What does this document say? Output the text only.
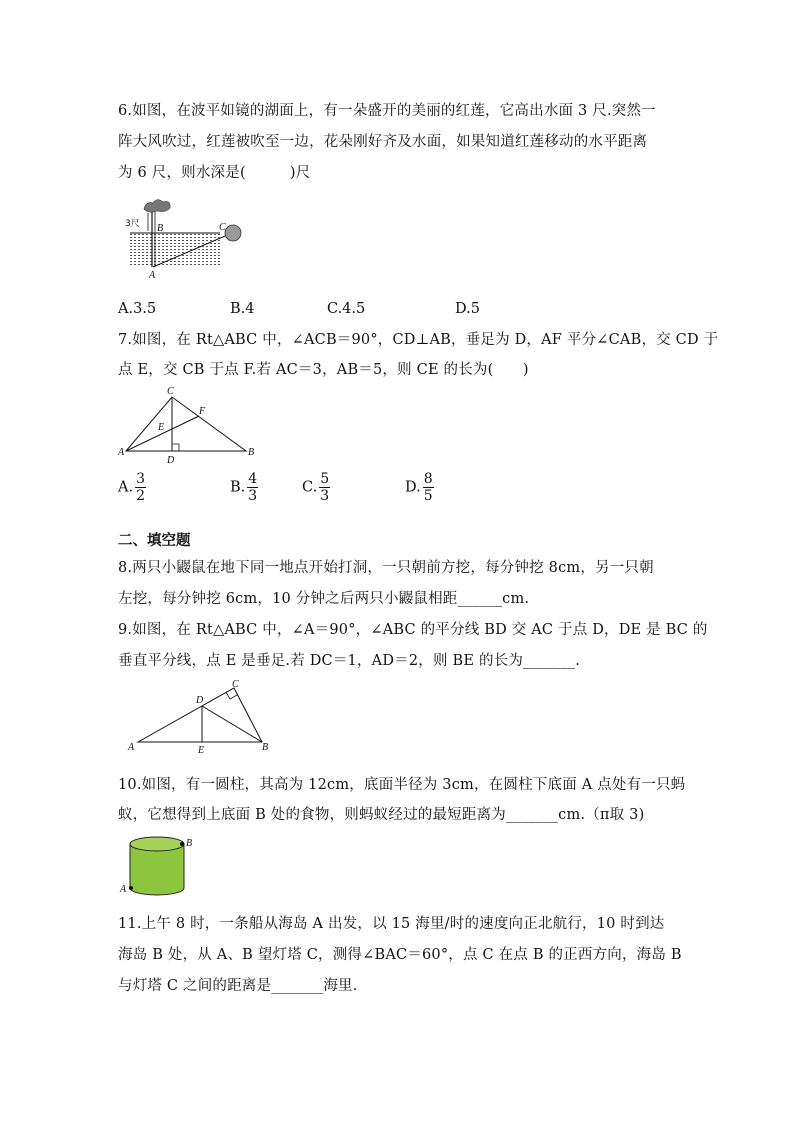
6.如图，在波平如镜的湖面上，有一朵盛开的美丽的红莲，它高出水面 3 尺.突然一
阵大风吹过，红莲被吹至一边，花朵刚好齐及水面，如果知道红莲移动的水平距离
为 6 尺，则水深是(　　　)尺
3尺 B	C
A
A.3.5	B.4	C.4.5	D.5
7.如图，在 Rt△ABC 中，∠ACB＝90°，CD⊥AB，垂足为 D，AF 平分∠CAB，交 CD 于
点 E，交 CB 于点 F.若 AC＝3，AB＝5，则 CE 的长为(　　)
C
F
E
A
D
B
A. $\frac{3}{2}$	B. $\frac{4}{3}$	C. $\frac{5}{3}$	D. $\frac{8}{5}$
二、填空题
8.两只小鼹鼠在地下同一地点开始打洞，一只朝前方挖，每分钟挖 8cm，另一只朝
左挖，每分钟挖 6cm，10 分钟之后两只小鼹鼠相距______cm.
9.如图，在 Rt△ABC 中，∠A＝90°，∠ABC 的平分线 BD 交 AC 于点 D，DE 是 BC 的
垂直平分线，点 E 是垂足.若 DC＝1，AD＝2，则 BE 的长为_______.
C
D
A	E	B
10.如图，有一圆柱，其高为 12cm，底面半径为 3cm，在圆柱下底面 A 点处有一只蚂
蚁，它想得到上底面 B 处的食物，则蚂蚁经过的最短距离为_______cm.（π取 3)
B
A
11.上午 8 时，一条船从海岛 A 出发，以 15 海里/时的速度向正北航行，10 时到达
海岛 B 处，从 A、B 望灯塔 C，测得∠BAC＝60°，点 C 在点 B 的正西方向，海岛 B
与灯塔 C 之间的距离是_______海里.
